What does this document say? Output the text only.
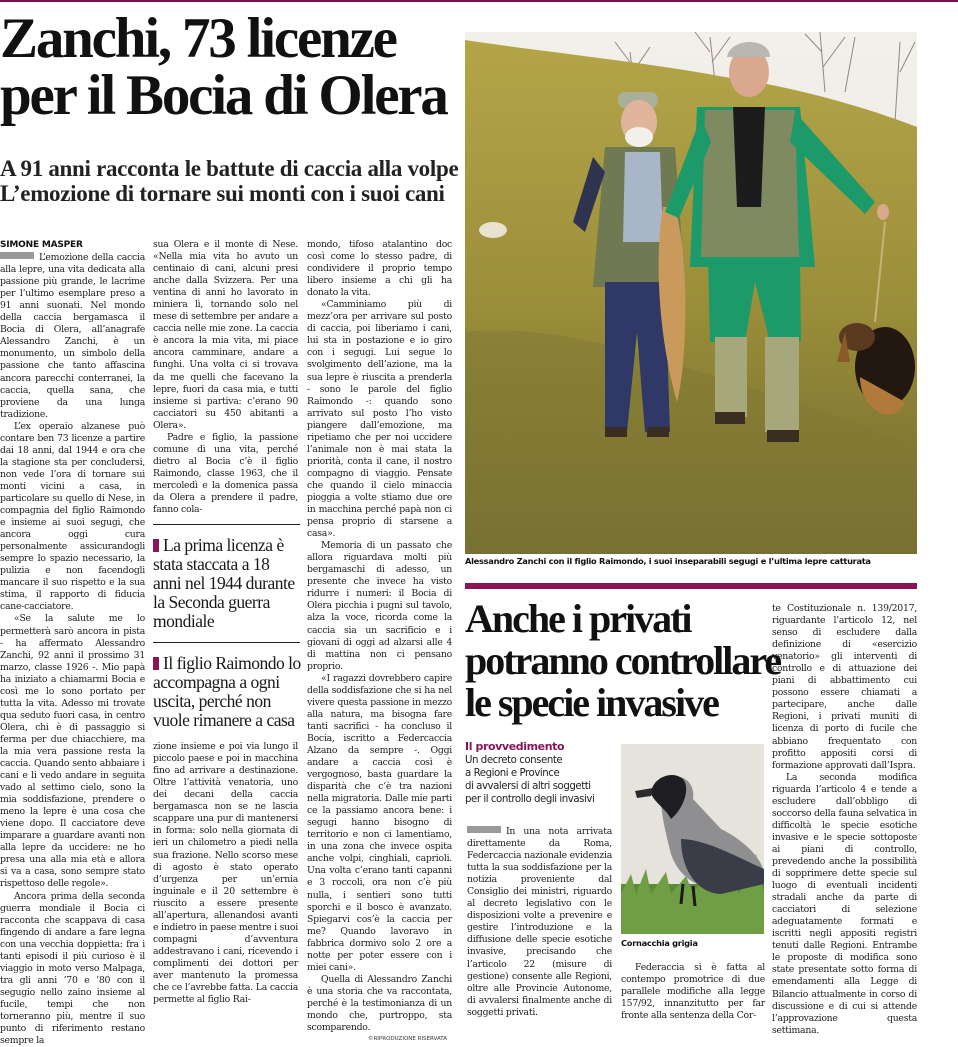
Zanchi, 73 licenze
per il Bocia di Olera
A 91 anni racconta le battute di caccia alla volpe
L’emozione di tornare sui monti con i suoi cani
SIMONE MASPER

L’emozione della caccia alla lepre, una vita dedicata alla passione più grande, le lacrime per l’ultimo esemplare preso a 91 anni suonati. Nel mondo della caccia bergamasca il Bocia di Olera, all’anagrafe Alessandro Zanchi, è un monumento, un simbolo della passione che tanto affascina ancora parecchi conterranei, la caccia, quella sana, che proviene da una lunga tradizione.

L’ex operaio alzanese può contare ben 73 licenze a partire dai 18 anni, dal 1944 e ora che la stagione sta per concludersi, non vede l’ora di tornare sui monti vicini a casa, in particolare su quello di Nese, in compagnia del figlio Raimondo e insieme ai suoi segugi, che ancora oggi cura personalmente assicurandogli sempre lo spazio necessario, la pulizia e non facendogli mancare il suo rispetto e la sua stima, il rapporto di fiducia cane-cacciatore.

«Se la salute me lo permetterà sarò ancora in pista - ha affermato Alessandro Zanchi, 92 anni il prossimo 31 marzo, classe 1926 -. Mio papà ha iniziato a chiamarmi Bocia e così me lo sono portato per tutta la vita. Adesso mi trovate qua seduto fuori casa, in centro Olera, chi è di passaggio si ferma per due chiacchiere, ma la mia vera passione resta la caccia. Quando sento abbaiare i cani e li vedo andare in seguita vado al settimo cielo, sono la mia soddisfazione, prendere o meno la lepre è una cosa che viene dopo. Il cacciatore deve imparare a guardare avanti non alla lepre da uccidere: ne ho presa una alla mia età e allora si va a casa, sono sempre stato rispettoso delle regole».

Ancora prima della seconda guerra mondiale il Bocia ci racconta che scappava di casa fingendo di andare a fare legna con una vecchia doppietta: fra i tanti episodi il più curioso è il viaggio in moto verso Malpaga, tra gli anni ’70 e ’80 con il segugio nello zaino insieme al fucile, tempi che non torneranno più, mentre il suo punto di riferimento restano sempre la

sua Olera e il monte di Nese. «Nella mia vita ho avuto un centinaio di cani, alcuni presi anche dalla Svizzera. Per una ventina di anni ho lavorato in miniera lì, tornando solo nel mese di settembre per andare a caccia nelle mie zone. La caccia è ancora la mia vita, mi piace ancora camminare, andare a funghi. Una volta ci si trovava da me quelli che facevano la lepre, fuori da casa mia, e tutti insieme si partiva: c’erano 90 cacciatori su 450 abitanti a Olera».

Padre e figlio, la passione comune di una vita, perché dietro al Bocia c’è il figlio Raimondo, classe 1963, che il mercoledì e la domenica passa da Olera a prendere il padre, fanno cola-

La prima licenza è stata staccata a 18 anni nel 1944 durante la Seconda guerra mondiale
Il figlio Raimondo lo accompagna a ogni uscita, perché non vuole rimanere a casa

zione insieme e poi via lungo il piccolo paese e poi in macchina fino ad arrivare a destinazione. Oltre l’attività venatoria, uno dei decani della caccia bergamasca non se ne lascia scappare una pur di mantenersi in forma: solo nella giornata di ieri un chilometro a piedi nella sua frazione. Nello scorso mese di agosto è stato operato d’urgenza per un’ernia inguinale e il 20 settembre è riuscito a essere presente all’apertura, allenandosi avanti e indietro in paese mentre i suoi compagni d’avventura addestravano i cani, ricevendo i complimenti dei dottori per aver mantenuto la promessa che ce l’avrebbe fatta. La caccia permette al figlio Rai-

mondo, tifoso atalantino doc così come lo stesso padre, di condividere il proprio tempo libero insieme a chi gli ha donato la vita.

«Camminiamo più di mezz’ora per arrivare sul posto di caccia, poi liberiamo i cani, lui sta in postazione e io giro con i segugi. Lui segue lo svolgimento dell’azione, ma la sua lepre è riuscita a prenderla - sono le parole del figlio Raimondo -: quando sono arrivato sul posto l’ho visto piangere dall’emozione, ma ripetiamo che per noi uccidere l’animale non è mai stata la priorità, conta il cane, il nostro compagno di viaggio. Pensate che quando il cielo minaccia pioggia a volte stiamo due ore in macchina perché papà non ci pensa proprio di starsene a casa».

Memoria di un passato che allora riguardava molti più bergamaschi di adesso, un presente che invece ha visto ridurre i numeri: il Bocia di Olera picchia i pugni sul tavolo, alza la voce, ricorda come la caccia sia un sacrificio e i giovani di oggi ad alzarsi alle 4 di mattina non ci pensano proprio.

«I ragazzi dovrebbero capire della soddisfazione che si ha nel vivere questa passione in mezzo alla natura, ma bisogna fare tanti sacrifici - ha concluso il Bocia, iscritto a Federcaccia Alzano da sempre -. Oggi andare a caccia così è vergognoso, basta guardare la disparità che c’è tra nazioni nella migratoria. Dalle mie parti ce la passiamo ancora bene: i segugi hanno bisogno di territorio e non ci lamentiamo, in una zona che invece ospita anche volpi, cinghiali, caprioli. Una volta c’erano tanti capanni e 3 roccoli, ora non c’è più nulla, i sentieri sono tutti sporchi e il bosco è avanzato. Spiegarvi cos’è la caccia per me? Quando lavoravo in fabbrica dormivo solo 2 ore a notte per poter essere con i miei cani».

Quella di Alessandro Zanchi è una storia che va raccontata, perché è la testimonianza di un mondo che, purtroppo, sta scomparendo.

©RIPRODUZIONE RISERVATA
Alessandro Zanchi con il figlio Raimondo, i suoi inseparabili segugi e l’ultima lepre catturata
Anche i privati
potranno controllare
le specie invasive
Il provvedimento
Un decreto consente
a Regioni e Province
di avvalersi di altri soggetti
per il controllo degli invasivi

In una nota arrivata direttamente da Roma, Federcaccia nazionale evidenzia tutta la sua soddisfazione per la notizia proveniente dal Consiglio dei ministri, riguardo al decreto legislativo con le disposizioni volte a prevenire e gestire l’introduzione e la diffusione delle specie esotiche invasive, precisando che l’articolo 22 (misure di gestione) consente alle Regioni, oltre alle Provincie Autonome, di avvalersi finalmente anche di soggetti privati.

Cornacchia grigia

Federaccia si è fatta al contempo promotrice di due parallele modifiche alla legge 157/92, innanzitutto per far fronte alla sentenza della Cor-

te Costituzionale n. 139/2017, riguardante l’articolo 12, nel senso di escludere dalla definizione di «esercizio venatorio» gli interventi di controllo e di attuazione dei piani di abbattimento cui possono essere chiamati a partecipare, anche dalle Regioni, i privati muniti di licenza di porto di fucile che abbiano frequentato con profitto appositi corsi di formazione approvati dall’Ispra.

La seconda modifica riguarda l’articolo 4 e tende a escludere dall’obbligo di soccorso della fauna selvatica in difficoltà le specie esotiche invasive e le specie sottoposte ai piani di controllo, prevedendo anche la possibilità di sopprimere dette specie sul luogo di eventuali incidenti stradali anche da parte di cacciatori di selezione adeguatamente formati e iscritti negli appositi registri tenuti dalle Regioni. Entrambe le proposte di modifica sono state presentate sotto forma di emendamenti alla Legge di Bilancio attualmente in corso di discussione e di cui si attende l’approvazione questa settimana.
